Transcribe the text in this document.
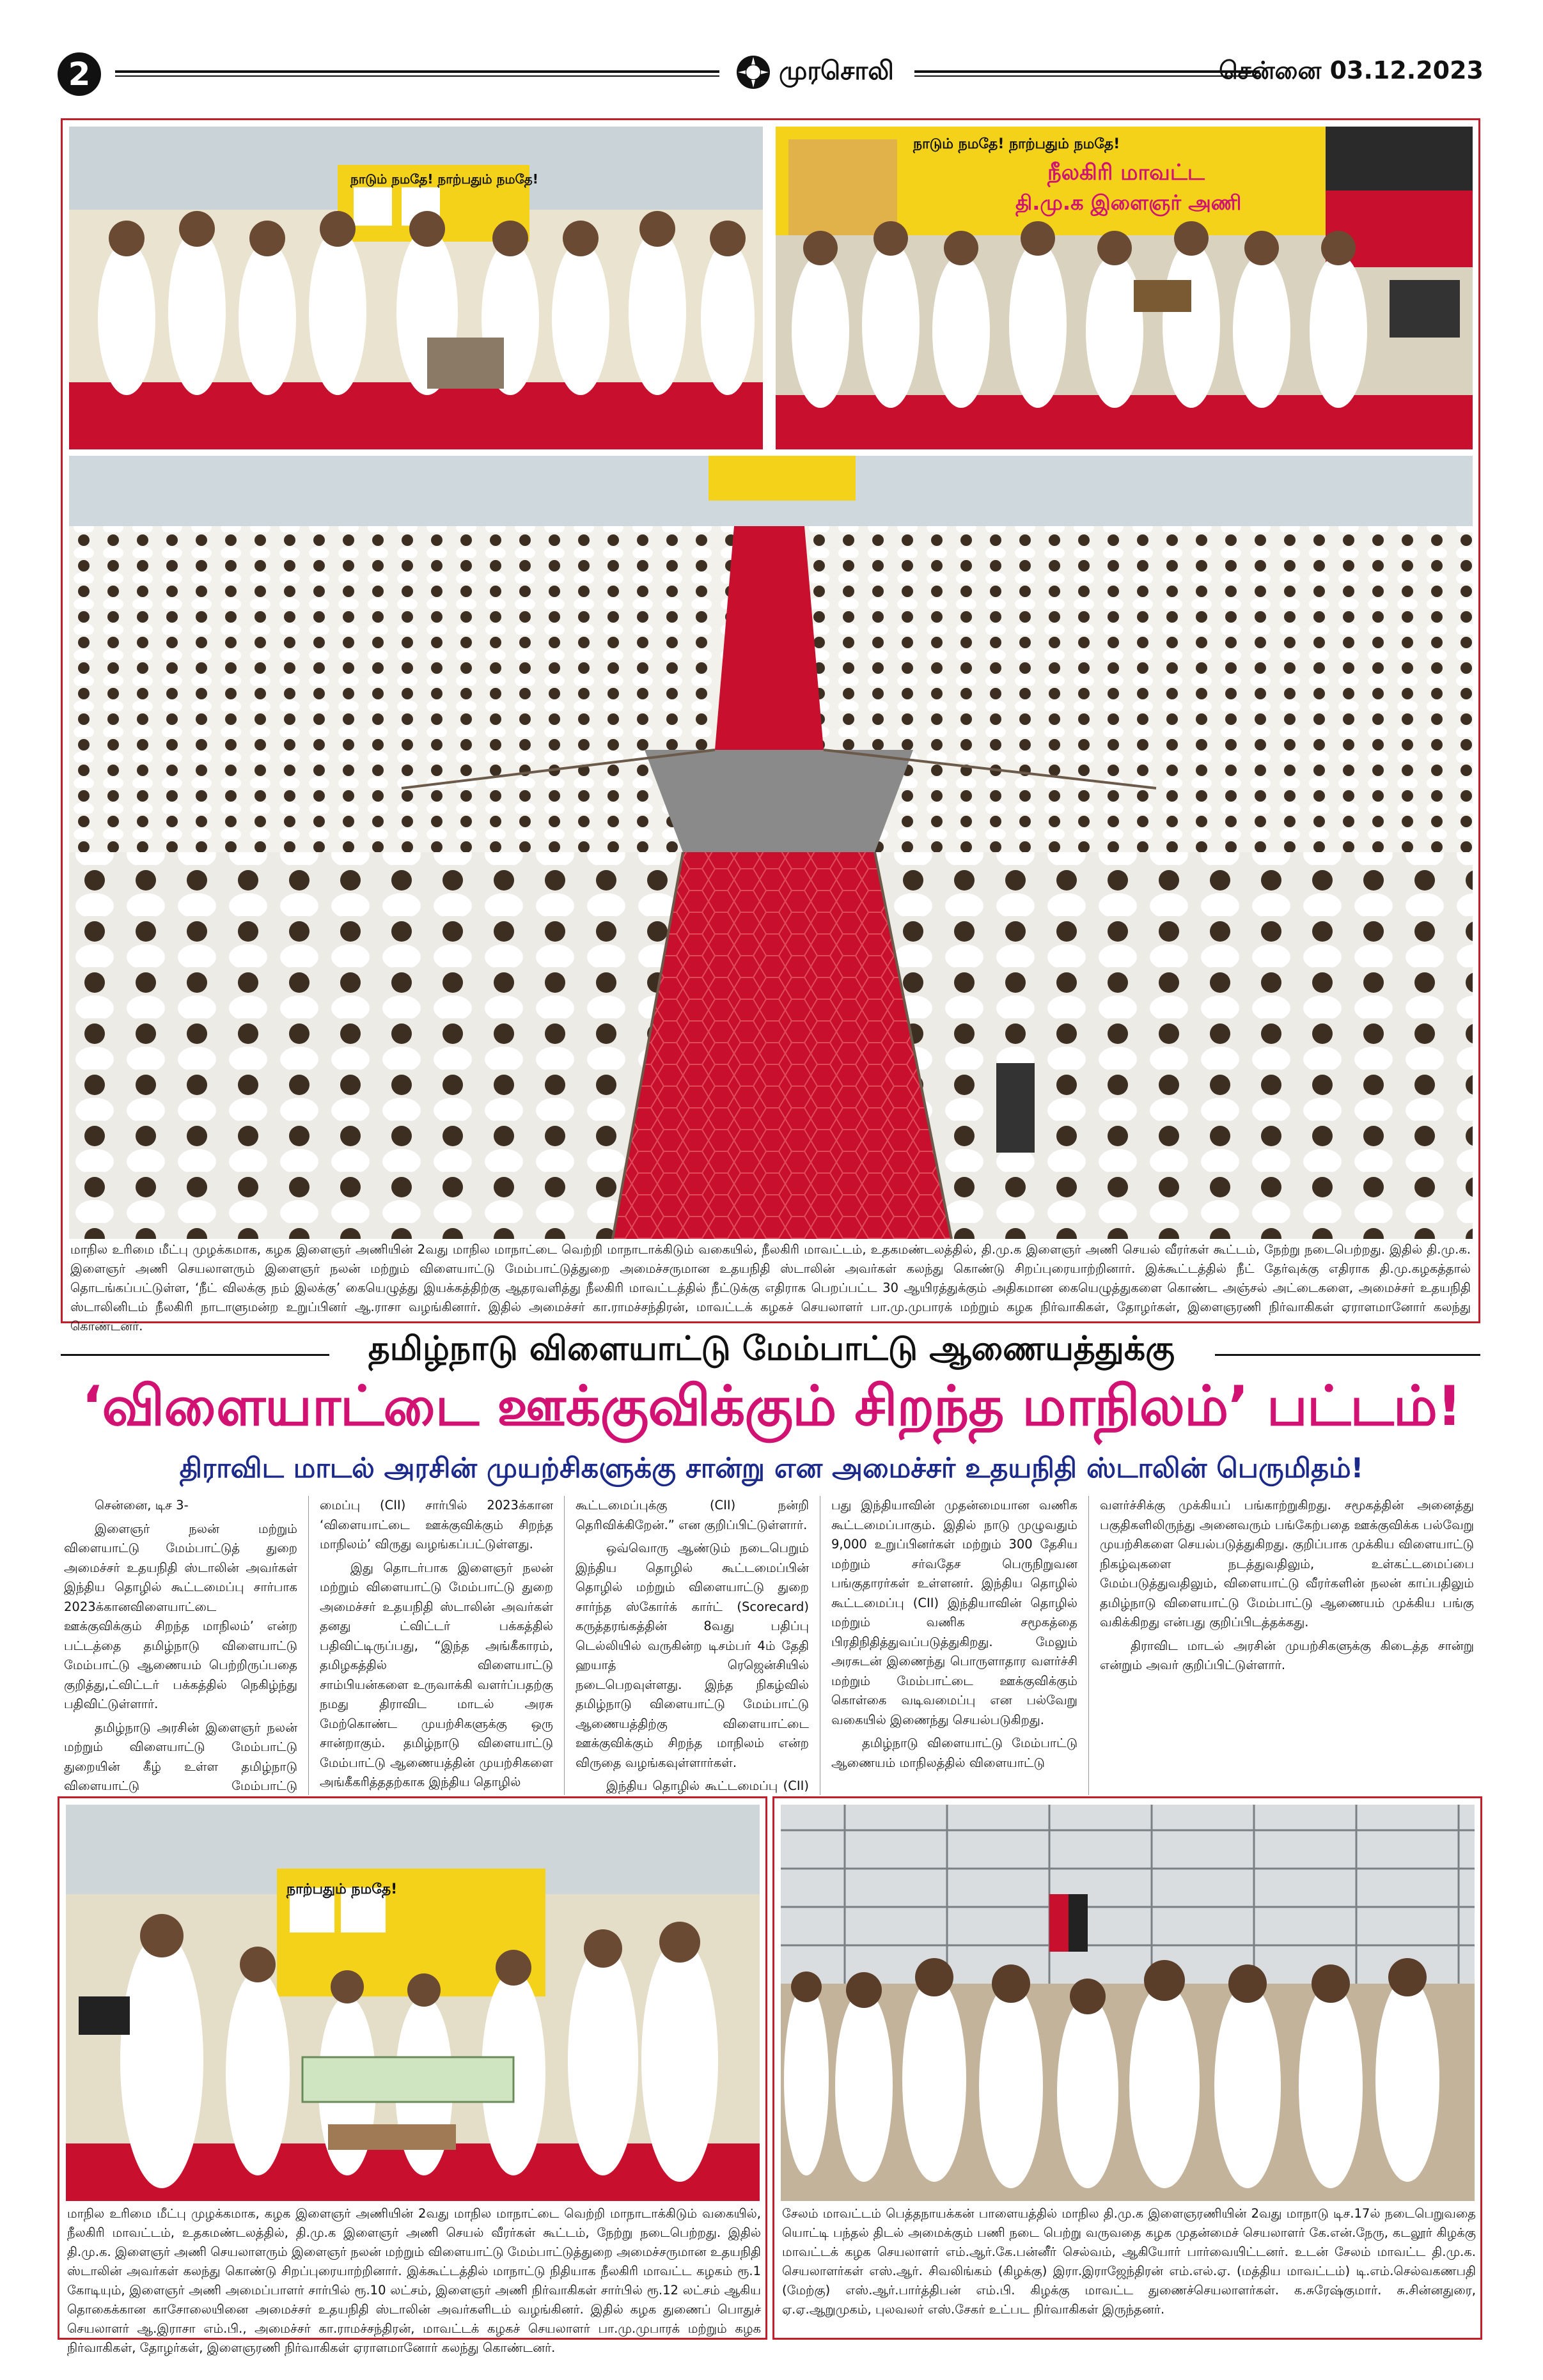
2	முரசொலி	சென்னை 03.12.2023
நாடும் நமதே! நாற்பதும் நமதே!
நாடும் நமதே! நாற்பதும் நமதே!
நீலகிரி மாவட்ட
தி.மு.க இளைஞர் அணி
மாநில உரிமை மீட்பு முழக்கமாக, கழக இளைஞர் அணியின் 2வது மாநில மாநாட்டை வெற்றி மாநாடாக்கிடும் வகையில், நீலகிரி மாவட்டம், உதகமண்டலத்தில், தி.மு.க இளைஞர் அணி செயல் வீரர்கள் கூட்டம், நேற்று நடைபெற்றது. இதில் தி.மு.க. இளைஞர் அணி செயலாளரும் இளைஞர் நலன் மற்றும் விளையாட்டு மேம்பாட்டுத்துறை அமைச்சருமான உதயநிதி ஸ்டாலின் அவர்கள் கலந்து கொண்டு சிறப்புரையாற்றினார். இக்கூட்டத்தில் நீட் தேர்வுக்கு எதிராக தி.மு.கழகத்தால் தொடங்கப்பட்டுள்ள, ‘நீட் விலக்கு நம் இலக்கு’ கையெழுத்து இயக்கத்திற்கு ஆதரவளித்து நீலகிரி மாவட்டத்தில் நீட்டுக்கு எதிராக பெறப்பட்ட 30 ஆயிரத்துக்கும் அதிகமான கையெழுத்துகளை கொண்ட அஞ்சல் அட்டைகளை, அமைச்சர் உதயநிதி ஸ்டாலினிடம் நீலகிரி நாடாளுமன்ற உறுப்பினர் ஆ.ராசா வழங்கினார். இதில் அமைச்சர் கா.ராமச்சந்திரன், மாவட்டக் கழகச் செயலாளர் பா.மு.முபாரக் மற்றும் கழக நிர்வாகிகள், தோழர்கள், இளைஞரணி நிர்வாகிகள் ஏராளமானோர் கலந்து கொண்டனர்.
தமிழ்நாடு விளையாட்டு மேம்பாட்டு ஆணையத்துக்கு
‘விளையாட்டை ஊக்குவிக்கும் சிறந்த மாநிலம்’ பட்டம்!
திராவிட மாடல் அரசின் முயற்சிகளுக்கு சான்று என அமைச்சர் உதயநிதி ஸ்டாலின் பெருமிதம்!

சென்னை, டிச 3-

இளைஞர் நலன் மற்றும் விளையாட்டு மேம்பாட்டுத் துறை அமைச்சர் உதயநிதி ஸ்டாலின் அவர்கள் இந்திய தொழில் கூட்டமைப்பு சார்பாக 2023க்கானவிளையாட்டை ஊக்குவிக்கும் சிறந்த மாநிலம்’ என்ற பட்டத்தை தமிழ்நாடு விளையாட்டு மேம்பாட்டு ஆணையம் பெற்றிருப்பதை குறித்து,ட்விட்டர் பக்கத்தில் நெகிழ்ந்து பதிவிட்டுள்ளார்.

தமிழ்நாடு அரசின் இளைஞர் நலன் மற்றும் விளையாட்டு மேம்பாட்டு துறையின் கீழ் உள்ள தமிழ்நாடு விளையாட்டு மேம்பாட்டு

மைப்பு (CII) சார்பில் 2023க்கான ‘விளையாட்டை ஊக்குவிக்கும் சிறந்த மாநிலம்’ விருது வழங்கப்பட்டுள்ளது.

இது தொடர்பாக இளைஞர் நலன் மற்றும் விளையாட்டு மேம்பாட்டு துறை அமைச்சர் உதயநிதி ஸ்டாலின் அவர்கள் தனது ட்விட்டர் பக்கத்தில் பதிவிட்டிருப்பது, “இந்த அங்கீகாரம், தமிழகத்தில் விளையாட்டு சாம்பியன்களை உருவாக்கி வளர்ப்பதற்கு நமது திராவிட மாடல் அரசு மேற்கொண்ட முயற்சிகளுக்கு ஒரு சான்றாகும். தமிழ்நாடு விளையாட்டு மேம்பாட்டு ஆணையத்தின் முயற்சிகளை அங்கீகரித்ததற்காக இந்திய தொழில்

கூட்டமைப்புக்கு (CII) நன்றி தெரிவிக்கிறேன்.” என குறிப்பிட்டுள்ளார்.

ஒவ்வொரு ஆண்டும் நடைபெறும் இந்திய தொழில் கூட்டமைப்பின் தொழில் மற்றும் விளையாட்டு துறை சார்ந்த ஸ்கோர்க் கார்ட் (Scorecard) கருத்தரங்கத்தின் 8வது பதிப்பு டெல்லியில் வருகின்ற டிசம்பர் 4ம் தேதி ஹயாத் ரெஜென்சியில் நடைபெறவுள்ளது. இந்த நிகழ்வில் தமிழ்நாடு விளையாட்டு மேம்பாட்டு ஆணையத்திற்கு விளையாட்டை ஊக்குவிக்கும் சிறந்த மாநிலம் என்ற விருதை வழங்கவுள்ளார்கள்.

இந்திய தொழில் கூட்டமைப்பு (CII)

பது இந்தியாவின் முதன்மையான வணிக கூட்டமைப்பாகும். இதில் நாடு முழுவதும் 9,000 உறுப்பினர்கள் மற்றும் 300 தேசிய மற்றும் சர்வதேச பெருநிறுவன பங்குதாரர்கள் உள்ளனர். இந்திய தொழில் கூட்டமைப்பு (CII) இந்தியாவின் தொழில் மற்றும் வணிக சமூகத்தை பிரதிநிதித்துவப்படுத்துகிறது. மேலும் அரசுடன் இணைந்து பொருளாதார வளர்ச்சி மற்றும் மேம்பாட்டை ஊக்குவிக்கும் கொள்கை வடிவமைப்பு என பல்வேறு வகையில் இணைந்து செயல்படுகிறது.

தமிழ்நாடு விளையாட்டு மேம்பாட்டு ஆணையம் மாநிலத்தில் விளையாட்டு

வளர்ச்சிக்கு முக்கியப் பங்காற்றுகிறது. சமூகத்தின் அனைத்து பகுதிகளிலிருந்து அனைவரும் பங்கேற்பதை ஊக்குவிக்க பல்வேறு முயற்சிகளை செயல்படுத்துகிறது. குறிப்பாக முக்கிய விளையாட்டு நிகழ்வுகளை நடத்துவதிலும், உள்கட்டமைப்பை மேம்படுத்துவதிலும், விளையாட்டு வீரர்களின் நலன் காப்பதிலும் தமிழ்நாடு விளையாட்டு மேம்பாட்டு ஆணையம் முக்கிய பங்கு வகிக்கிறது என்பது குறிப்பிடத்தக்கது.

திராவிட மாடல் அரசின் முயற்சிகளுக்கு கிடைத்த சான்று என்றும் அவர் குறிப்பிட்டுள்ளார்.

நாற்பதும் நமதே!
மாநில உரிமை மீட்பு முழக்கமாக, கழக இளைஞர் அணியின் 2வது மாநில மாநாட்டை வெற்றி மாநாடாக்கிடும் வகையில், நீலகிரி மாவட்டம், உதகமண்டலத்தில், தி.மு.க இளைஞர் அணி செயல் வீரர்கள் கூட்டம், நேற்று நடைபெற்றது. இதில் தி.மு.க. இளைஞர் அணி செயலாளரும் இளைஞர் நலன் மற்றும் விளையாட்டு மேம்பாட்டுத்துறை அமைச்சருமான உதயநிதி ஸ்டாலின் அவர்கள் கலந்து கொண்டு சிறப்புரையாற்றினார். இக்கூட்டத்தில் மாநாட்டு நிதியாக நீலகிரி மாவட்ட கழகம் ரூ.1 கோடியும், இளைஞர் அணி அமைப்பாளர் சார்பில் ரூ.10 லட்சம், இளைஞர் அணி நிர்வாகிகள் சார்பில் ரூ.12 லட்சம் ஆகிய தொகைக்கான காசோலையினை அமைச்சர் உதயநிதி ஸ்டாலின் அவர்களிடம் வழங்கினர். இதில் கழக துணைப் பொதுச் செயலாளர் ஆ.இராசா எம்.பி., அமைச்சர் கா.ராமச்சந்திரன், மாவட்டக் கழகச் செயலாளர் பா.மு.முபாரக் மற்றும் கழக நிர்வாகிகள், தோழர்கள், இளைஞரணி நிர்வாகிகள் ஏராளமானோர் கலந்து கொண்டனர்.
சேலம் மாவட்டம் பெத்தநாயக்கன் பாளையத்தில் மாநில தி.மு.க இளைஞரணியின் 2வது மாநாடு டிச.17ல் நடைபெறுவதை யொட்டி பந்தல் திடல் அமைக்கும் பணி நடை பெற்று வருவதை கழக முதன்மைச் செயலாளர் கே.என்.நேரு, கடலூர் கிழக்கு மாவட்டக் கழக செயலாளர் எம்.ஆர்.கே.பன்னீர் செல்வம், ஆகியோர் பார்வையிட்டனர். உடன் சேலம் மாவட்ட தி.மு.க. செயலாளர்கள் எஸ்.ஆர். சிவலிங்கம் (கிழக்கு) இரா.இராஜேந்திரன் எம்.எல்.ஏ. (மத்திய மாவட்டம்) டி.எம்.செல்வகணபதி (மேற்கு) எஸ்.ஆர்.பார்த்திபன் எம்.பி. கிழக்கு மாவட்ட துணைச்செயலாளர்கள். க.சுரேஷ்குமார். சு.சின்னதுரை, ஏ.ஏ.ஆறுமுகம், புலவலர் எஸ்.சேகர் உட்பட நிர்வாகிகள் இருந்தனர்.
